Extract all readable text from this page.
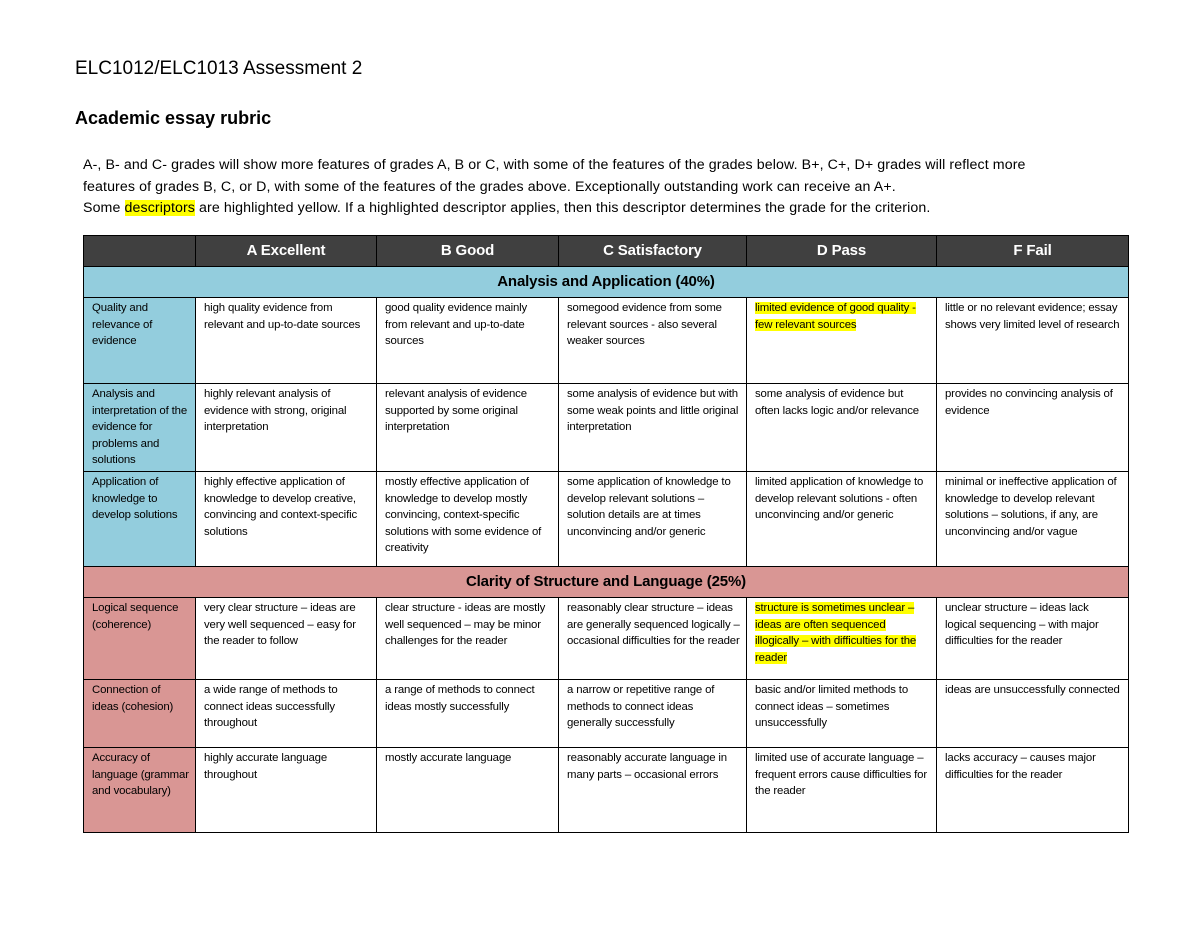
ELC1012/ELC1013 Assessment 2
Academic essay rubric

A-, B- and C- grades will show more features of grades A, B or C, with some of the features of the grades below. B+, C+, D+ grades will reflect more

features of grades B, C, or D, with some of the features of the grades above. Exceptionally outstanding work can receive an A+.

Some descriptors are highlighted yellow. If a highlighted descriptor applies, then this descriptor determines the grade for the criterion.

	A Excellent	B Good	C Satisfactory	D Pass	F Fail
Analysis and Application (40%)					
Quality and relevance of evidence	high quality evidence from relevant and up-to-date sources	good quality evidence mainly from relevant and up-to-date sources	somegood evidence from some relevant sources - also several weaker sources	limited evidence of good quality - few relevant sources	little or no relevant evidence; essay shows very limited level of research
Analysis and interpretation of the evidence for problems and solutions	highly relevant analysis of evidence with strong, original interpretation	relevant analysis of evidence supported by some original interpretation	some analysis of evidence but with some weak points and little original interpretation	some analysis of evidence but often lacks logic and/or relevance	provides no convincing analysis of evidence
Application of knowledge to develop solutions	highly effective application of knowledge to develop creative, convincing and context-specific solutions	mostly effective application of knowledge to develop mostly convincing, context-specific solutions with some evidence of creativity	some application of knowledge to develop relevant solutions – solution details are at times unconvincing and/or generic	limited application of knowledge to develop relevant solutions - often unconvincing and/or generic	minimal or ineffective application of knowledge to develop relevant solutions – solutions, if any, are unconvincing and/or vague
Clarity of Structure and Language (25%)					
Logical sequence (coherence)	very clear structure – ideas are very well sequenced – easy for the reader to follow	clear structure - ideas are mostly well sequenced – may be minor challenges for the reader	reasonably clear structure – ideas are generally sequenced logically – occasional difficulties for the reader	structure is sometimes unclear – ideas are often sequenced illogically – with difficulties for the reader	unclear structure – ideas lack logical sequencing – with major difficulties for the reader
Connection of ideas (cohesion)	a wide range of methods to connect ideas successfully throughout	a range of methods to connect ideas mostly successfully	a narrow or repetitive range of methods to connect ideas generally successfully	basic and/or limited methods to connect ideas – sometimes unsuccessfully	ideas are unsuccessfully connected
Accuracy of language (grammar and vocabulary)	highly accurate language throughout	mostly accurate language	reasonably accurate language in many parts – occasional errors	limited use of accurate language – frequent errors cause difficulties for the reader	lacks accuracy – causes major difficulties for the reader
